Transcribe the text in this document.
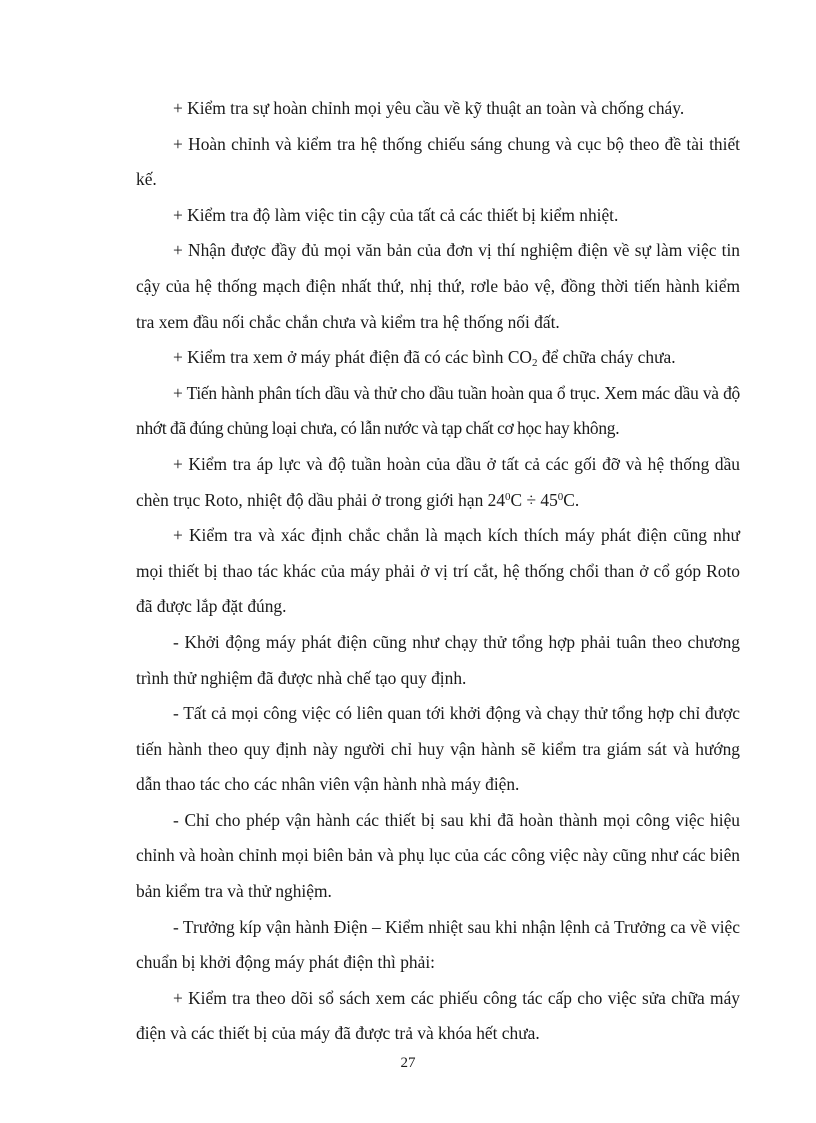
+ Kiểm tra sự hoàn chỉnh mọi yêu cầu về kỹ thuật an toàn và chống cháy.

+ Hoàn chỉnh và kiểm tra hệ thống chiếu sáng chung và cục bộ theo đề tài thiết kế.

+ Kiểm tra độ làm việc tin cậy của tất cả các thiết bị kiểm nhiệt.

+ Nhận được đầy đủ mọi văn bản của đơn vị thí nghiệm điện về sự làm việc tin cậy của hệ thống mạch điện nhất thứ, nhị thứ, rơle bảo vệ, đồng thời tiến hành kiểm tra xem đầu nối chắc chắn chưa và kiểm tra hệ thống nối đất.

+ Kiểm tra xem ở máy phát điện đã có các bình $CO_2$ để chữa cháy chưa.

+ Tiến hành phân tích dầu và thử cho dầu tuần hoàn qua ổ trục. Xem mác dầu và độ nhớt đã đúng chủng loại chưa, có lẫn nước và tạp chất cơ học hay không.

+ Kiểm tra áp lực và độ tuần hoàn của dầu ở tất cả các gối đỡ và hệ thống dầu chèn trục Roto, nhiệt độ dầu phải ở trong giới hạn $24^0C \div 45^0C$.

+ Kiểm tra và xác định chắc chắn là mạch kích thích máy phát điện cũng như mọi thiết bị thao tác khác của máy phải ở vị trí cắt, hệ thống chổi than ở cổ góp Roto đã được lắp đặt đúng.

- Khởi động máy phát điện cũng như chạy thử tổng hợp phải tuân theo chương trình thử nghiệm đã được nhà chế tạo quy định.

- Tất cả mọi công việc có liên quan tới khởi động và chạy thử tổng hợp chỉ được tiến hành theo quy định này người chỉ huy vận hành sẽ kiểm tra giám sát và hướng dẫn thao tác cho các nhân viên vận hành nhà máy điện.

- Chỉ cho phép vận hành các thiết bị sau khi đã hoàn thành mọi công việc hiệu chỉnh và hoàn chỉnh mọi biên bản và phụ lục của các công việc này cũng như các biên bản kiểm tra và thử nghiệm.

- Trưởng kíp vận hành Điện – Kiểm nhiệt sau khi nhận lệnh cả Trưởng ca về việc chuẩn bị khởi động máy phát điện thì phải:

+ Kiểm tra theo dõi sổ sách xem các phiếu công tác cấp cho việc sửa chữa máy điện và các thiết bị của máy đã được trả và khóa hết chưa.

27
